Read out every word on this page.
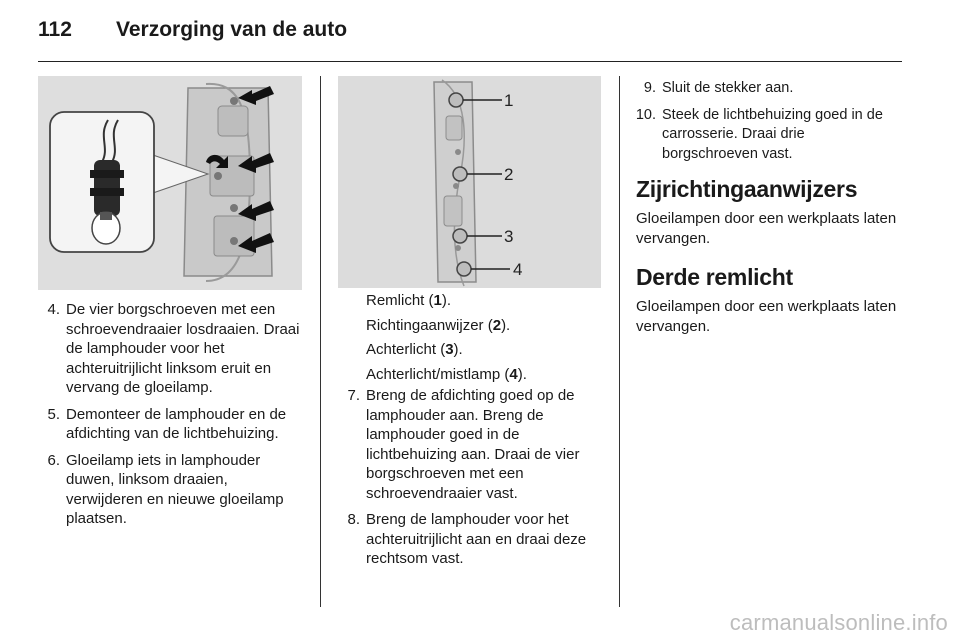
112	Verzorging van de auto
4. De vier borgschroeven met een schroevendraaier losdraaien. Draai de lamphouder voor het achteruitrijlicht linksom eruit en vervang de gloeilamp.
5. Demonteer de lamphouder en de afdichting van de lichtbehuizing.
6. Gloeilamp iets in lamphouder duwen, linksom draaien, verwijderen en nieuwe gloeilamp plaatsen.
1
2
3
4
Remlicht (1).
Richtingaanwijzer (2).
Achterlicht (3).
Achterlicht/mistlamp (4).
7. Breng de afdichting goed op de lamphouder aan. Breng de lamphouder goed in de lichtbehuizing aan. Draai de vier borgschroeven met een schroevendraaier vast.
8. Breng de lamphouder voor het achteruitrijlicht aan en draai deze rechtsom vast.
9. Sluit de stekker aan.
10. Steek de lichtbehuizing goed in de carrosserie. Draai drie borgschroeven vast.
Zijrichtingaanwijzers
Gloeilampen door een werkplaats laten vervangen.
Derde remlicht
Gloeilampen door een werkplaats laten vervangen.
carmanualsonline.info
